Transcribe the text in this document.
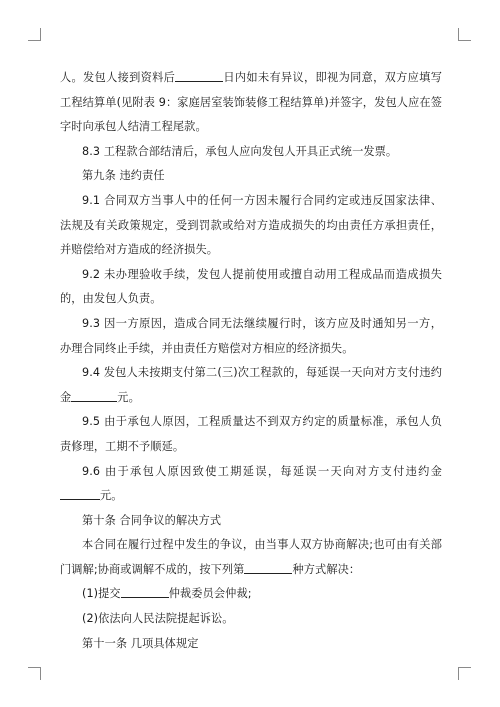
人。发包人接到资料后	日内如未有异议，即视为同意，双方应填写工程结算单(见附表 9：家庭居室装饰装修工程结算单)并签字，发包人应在签字时向承包人结清工程尾款。

8.3 工程款合部结清后，承包人应向发包人开具正式统一发票。

第九条 违约责任

9.1 合同双方当事人中的任何一方因未履行合同约定或违反国家法律、法规及有关政策规定，受到罚款或给对方造成损失的均由责任方承担责任，并赔偿给对方造成的经济损失。

9.2 未办理验收手续，发包人提前使用或擅自动用工程成品而造成损失的，由发包人负责。

9.3 因一方原因，造成合同无法继续履行时，该方应及时通知另一方，办理合同终止手续，并由责任方赔偿对方相应的经济损失。

9.4 发包人未按期支付第二(三)次工程款的，每延误一天向对方支付违约金	元。

9.5 由于承包人原因，工程质量达不到双方约定的质量标准，承包人负责修理，工期不予顺延。

9.6 由于承包人原因致使工期延误，每延误一天向对方支付违约金元。

第十条 合同争议的解决方式

本合同在履行过程中发生的争议，由当事人双方协商解决;也可由有关部门调解;协商或调解不成的，按下列第	种方式解决：

(1)提交	仲裁委员会仲裁;

(2)依法向人民法院提起诉讼。

第十一条 几项具体规定
